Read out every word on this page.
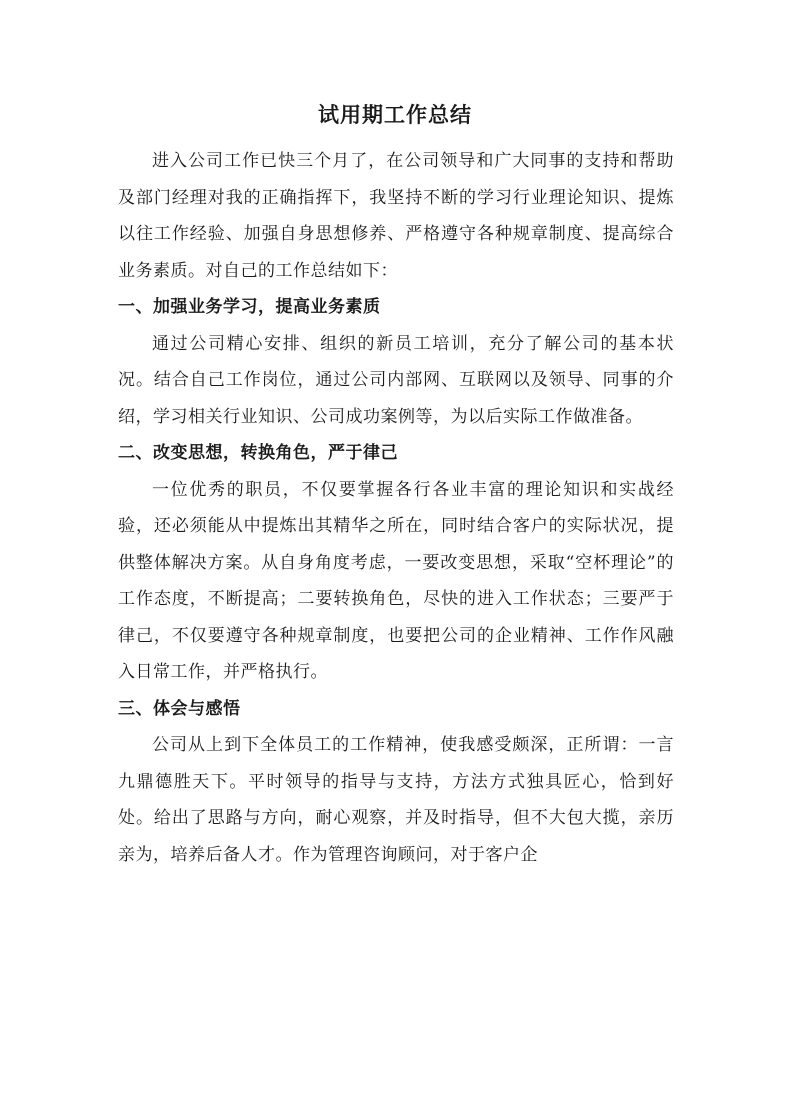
试用期工作总结

进入公司工作已快三个月了，在公司领导和广大同事的支持和帮助及部门经理对我的正确指挥下，我坚持不断的学习行业理论知识、提炼以往工作经验、加强自身思想修养、严格遵守各种规章制度、提高综合业务素质。对自己的工作总结如下：

一、加强业务学习，提高业务素质

通过公司精心安排、组织的新员工培训，充分了解公司的基本状况。结合自己工作岗位，通过公司内部网、互联网以及领导、同事的介绍，学习相关行业知识、公司成功案例等，为以后实际工作做准备。

二、改变思想，转换角色，严于律己

一位优秀的职员，不仅要掌握各行各业丰富的理论知识和实战经验，还必须能从中提炼出其精华之所在，同时结合客户的实际状况，提供整体解决方案。从自身角度考虑，一要改变思想，采取“空杯理论”的工作态度，不断提高；二要转换角色，尽快的进入工作状态；三要严于律己，不仅要遵守各种规章制度，也要把公司的企业精神、工作作风融入日常工作，并严格执行。

三、体会与感悟

公司从上到下全体员工的工作精神，使我感受颇深，正所谓：一言九鼎德胜天下。平时领导的指导与支持，方法方式独具匠心，恰到好处。给出了思路与方向，耐心观察，并及时指导，但不大包大揽，亲历亲为，培养后备人才。作为管理咨询顾问，对于客户企
